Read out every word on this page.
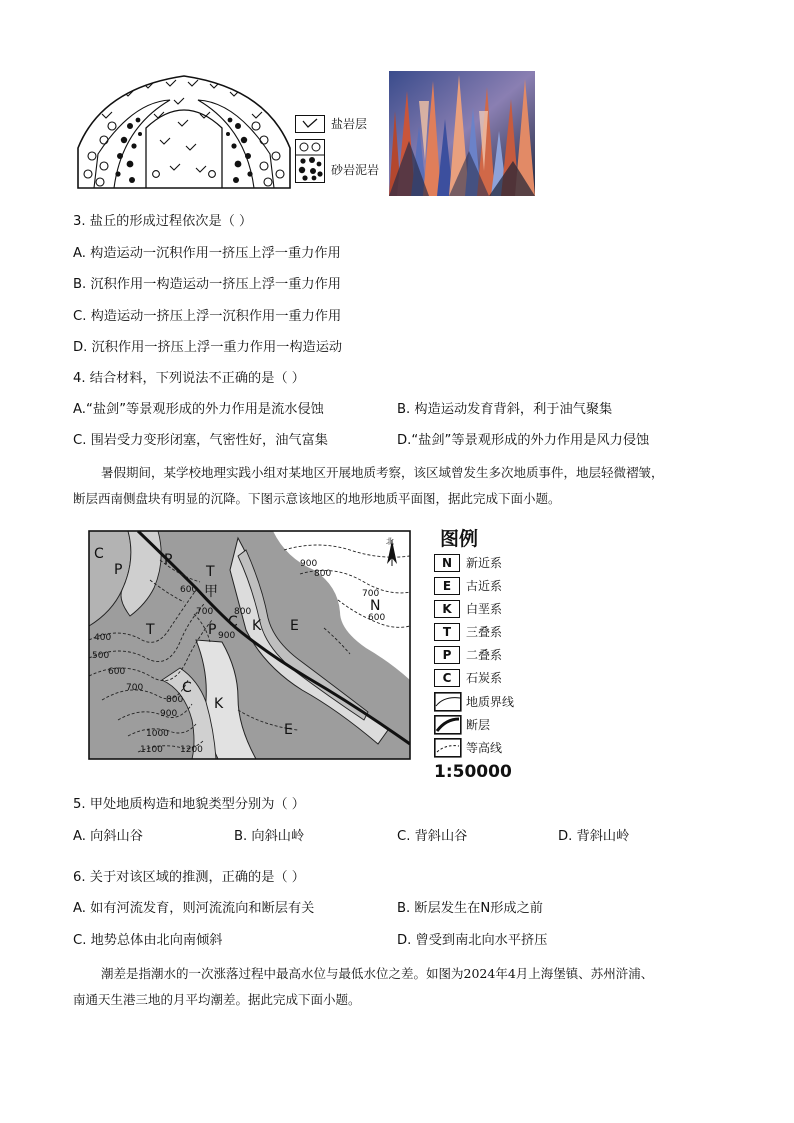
盐岩层
砂岩泥岩
3. 盐丘的形成过程依次是（ ）
A. 构造运动一沉积作用一挤压上浮一重力作用
B. 沉积作用一构造运动一挤压上浮一重力作用
C. 构造运动一挤压上浮一沉积作用一重力作用
D. 沉积作用一挤压上浮一重力作用一构造运动
4. 结合材料，下列说法不正确的是（ ）
A.“盐剑”等景观形成的外力作用是流水侵蚀	B. 构造运动发育背斜，利于油气聚集
C. 围岩受力变形闭塞，气密性好，油气富集	D.“盐剑”等景观形成的外力作用是风力侵蚀
暑假期间，某学校地理实践小组对某地区开展地质考察，该区域曾发生多次地质事件，地层轻微褶皱，
断层西南侧盘块有明显的沉降。下图示意该地区的地形地质平面图，据此完成下面小题。
C
P
P
T
甲
T	P C K E
N
C
K
E
北
900
800
700
600
600
700 800
900
400
500
600
700
800
900
1000
1100 1200
图例
N	新近系
E	古近系
K	白垩系
T	三叠系
P	二叠系
C	石炭系
地质界线
断层
等高线
1:50000
5. 甲处地质构造和地貌类型分别为（ ）
A. 向斜山谷	B. 向斜山岭	C. 背斜山谷	D. 背斜山岭
6. 关于对该区域的推测，正确的是（ ）
A. 如有河流发育，则河流流向和断层有关	B. 断层发生在N形成之前
C. 地势总体由北向南倾斜	D. 曾受到南北向水平挤压
潮差是指潮水的一次涨落过程中最高水位与最低水位之差。如图为2024年4月上海堡镇、苏州浒浦、
南通天生港三地的月平均潮差。据此完成下面小题。
